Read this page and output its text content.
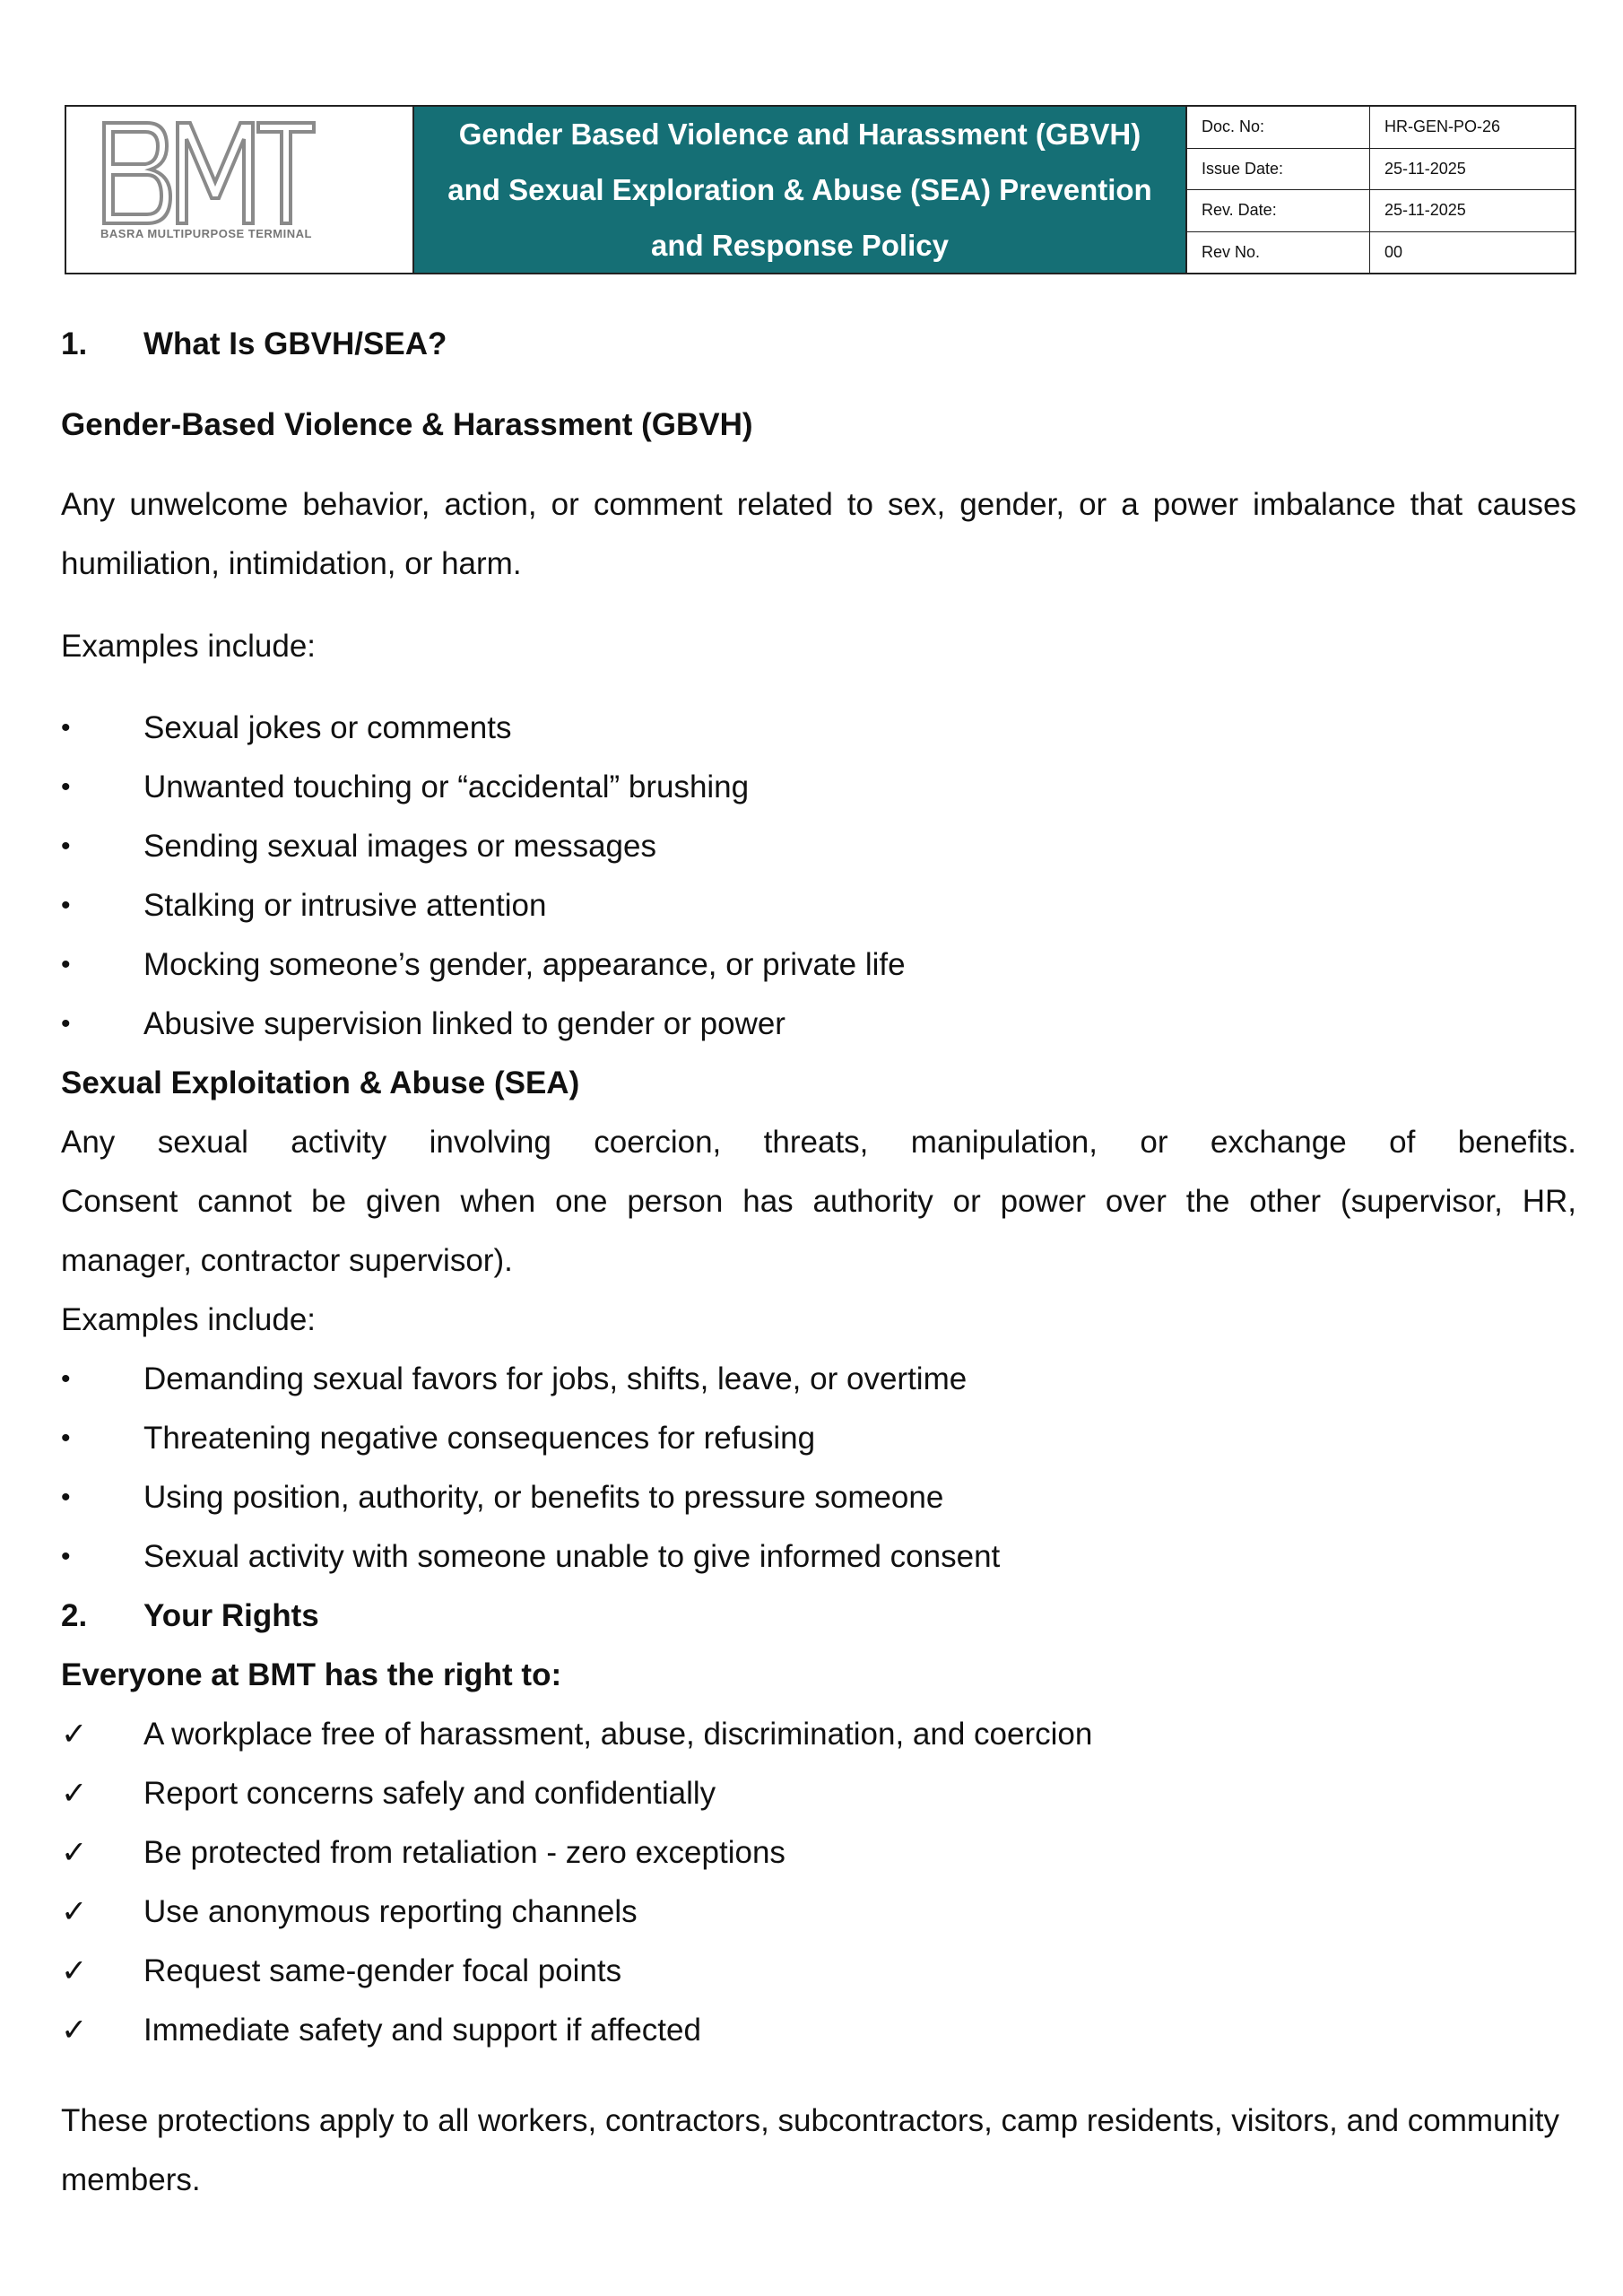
BASRA MULTIPURPOSE TERMINAL
Gender Based Violence and Harassment (GBVH) and Sexual Exploration & Abuse (SEA) Prevention and Response Policy
Doc. No:	HR-GEN-PO-26
Issue Date:	25-11-2025
Rev. Date:	25-11-2025
Rev No.	00
1. What Is GBVH/SEA?
Gender-Based Violence & Harassment (GBVH)
Any unwelcome behavior, action, or comment related to sex, gender, or a power imbalance that causes humiliation, intimidation, or harm.
Examples include:
•	Sexual jokes or comments
•	Unwanted touching or “accidental” brushing
•	Sending sexual images or messages
•	Stalking or intrusive attention
•	Mocking someone’s gender, appearance, or private life
•	Abusive supervision linked to gender or power
Sexual Exploitation & Abuse (SEA)
Any sexual activity involving coercion, threats, manipulation, or exchange of benefits.
Consent cannot be given when one person has authority or power over the other (supervisor, HR,
manager, contractor supervisor).
Examples include:
•	Demanding sexual favors for jobs, shifts, leave, or overtime
•	Threatening negative consequences for refusing
•	Using position, authority, or benefits to pressure someone
•	Sexual activity with someone unable to give informed consent
2. Your Rights
Everyone at BMT has the right to:
✓	A workplace free of harassment, abuse, discrimination, and coercion
✓	Report concerns safely and confidentially
✓	Be protected from retaliation - zero exceptions
✓	Use anonymous reporting channels
✓	Request same-gender focal points
✓	Immediate safety and support if affected
These protections apply to all workers, contractors, subcontractors, camp residents, visitors, and community members.
